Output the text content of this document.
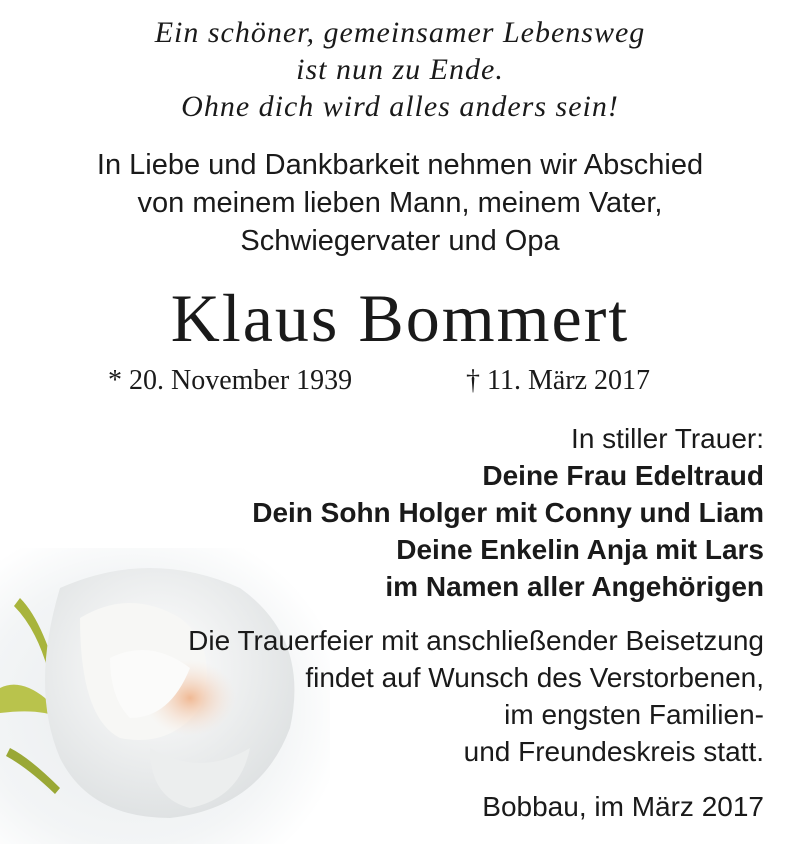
Ein schöner, gemeinsamer Lebensweg
ist nun zu Ende.
Ohne dich wird alles anders sein!
In Liebe und Dankbarkeit nehmen wir Abschied
von meinem lieben Mann, meinem Vater,
Schwiegervater und Opa
Klaus Bommert
* 20. November 1939	† 11. März 2017
In stiller Trauer:
Deine Frau Edeltraud
Dein Sohn Holger mit Conny und Liam
Deine Enkelin Anja mit Lars
im Namen aller Angehörigen
Die Trauerfeier mit anschließender Beisetzung
findet auf Wunsch des Verstorbenen,
im engsten Familien-
und Freundeskreis statt.
Bobbau, im März 2017
